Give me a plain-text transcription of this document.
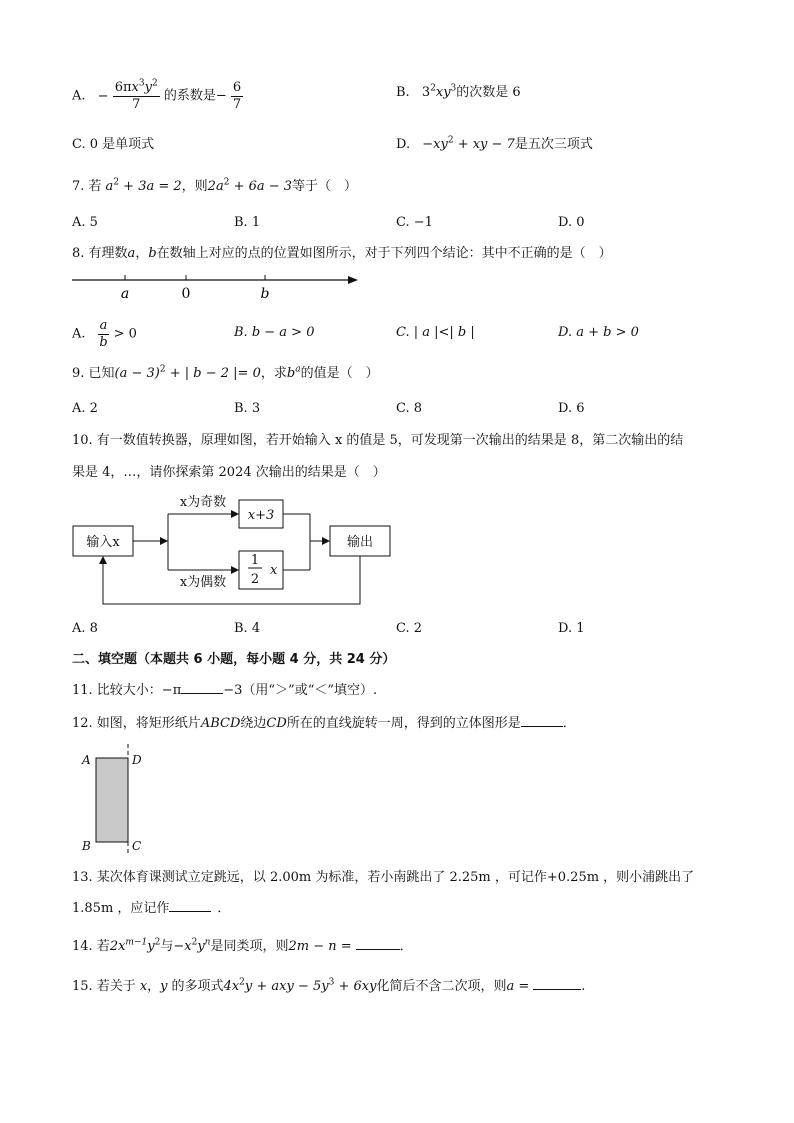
A. − $\frac{6\pi x^3y^2}{7}$ 的系数是− $\frac{6}{7}$	B. $3^2xy^3$的次数是 6
C. 0 是单项式	D. $-xy^2$ + xy − 7是五次三项式
7. 若 $a^2 + 3a = 2$，则$2a^2 + 6a - 3$等于（　）
A. 5	B. 1	C. −1	D. 0
8. 有理数a，b在数轴上对应的点的位置如图所示，对于下列四个结论：其中不正确的是（　）
a	0	b
A. $\frac{a}{b} > 0$	B. b − a > 0	C. | a |<| b |	D. a + b > 0
9. 已知$(a - 3)^2$ + | b − 2 |= 0，求$b^a$的值是（　）
A. 2	B. 3	C. 8	D. 6
10. 有一数值转换器，原理如图，若开始输入 x 的值是 5，可发现第一次输出的结果是 8，第二次输出的结
果是 4，…，请你探索第 2024 次输出的结果是（　）
输入x
x为奇数
x+3
1
2
x
x为偶数
输出
A. 8	B. 4	C. 2	D. 1
二、填空题（本题共 6 小题，每小题 4 分，共 24 分）
11. 比较大小：−π	−3（用“＞”或“＜”填空）.
12. 如图，将矩形纸片ABCD绕边CD所在的直线旋转一周，得到的立体图形是	．
A	D
B	C
13. 某次体育课测试立定跳远，以 2.00m 为标准，若小南跳出了 2.25m ，可记作+0.25m ，则小浦跳出了
1.85m ，应记作	．
14. 若$2x^{m-1}y^2$与$-x^2y^n$是同类项，则2m − n =	．
15. 若关于 x，y 的多项式$4x^2y$ + axy − $5y^3 + 6xy$化简后不含二次项，则a =	.
